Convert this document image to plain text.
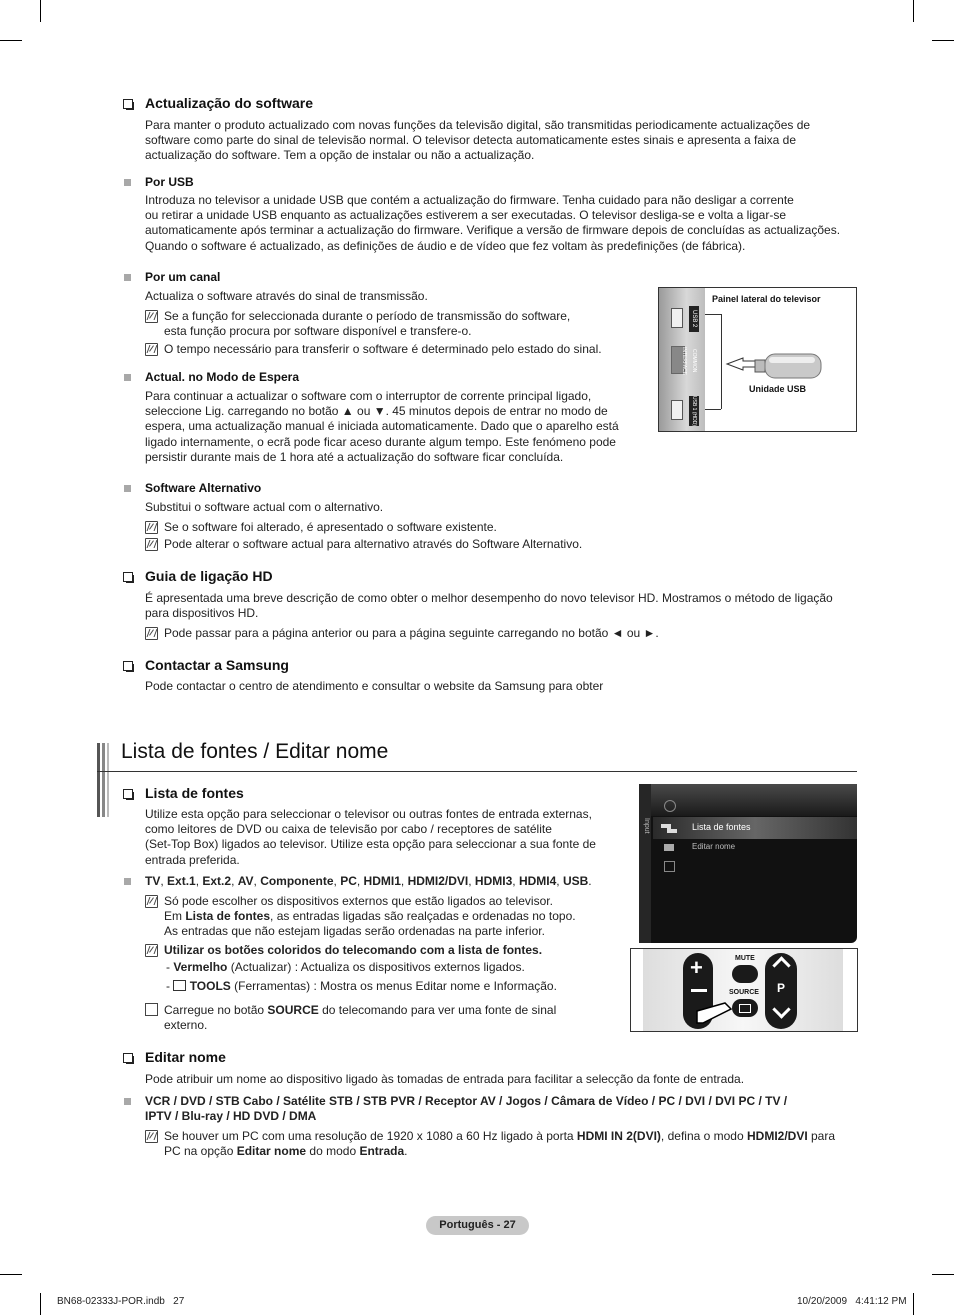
Actualização do software
Para manter o produto actualizado com novas funções da televisão digital, são transmitidas periodicamente actualizações de
software como parte do sinal de televisão normal. O televisor detecta automaticamente estes sinais e apresenta a faixa de
actualização do software. Tem a opção de instalar ou não a actualização.
Por USB
Introduza no televisor a unidade USB que contém a actualização do firmware. Tenha cuidado para não desligar a corrente
ou retirar a unidade USB enquanto as actualizações estiverem a ser executadas. O televisor desliga-se e volta a ligar-se
automaticamente após terminar a actualização do firmware. Verifique a versão de firmware depois de concluídas as actualizações.
Quando o software é actualizado, as definições de áudio e de vídeo que fez voltam às predefinições (de fábrica).
Por um canal
Actualiza o software através do sinal de transmissão.
Se a função for seleccionada durante o período de transmissão do software,
esta função procura por software disponível e transfere-o.
O tempo necessário para transferir o software é determinado pelo estado do sinal.
Actual. no Modo de Espera
Para continuar a actualizar o software com o interruptor de corrente principal ligado,
seleccione Lig. carregando no botão ▲ ou ▼. 45 minutos depois de entrar no modo de
espera, uma actualização manual é iniciada automaticamente. Dado que o aparelho está
ligado internamente, o ecrã pode ficar aceso durante algum tempo. Este fenómeno pode
persistir durante mais de 1 hora até a actualização do software ficar concluída.
USB 2
COMMON INTERFACE
USB 1 (HDD)
Painel lateral do televisor
Unidade USB
Software Alternativo
Substitui o software actual com o alternativo.
Se o software foi alterado, é apresentado o software existente.
Pode alterar o software actual para alternativo através do Software Alternativo.
Guia de ligação HD
É apresentada uma breve descrição de como obter o melhor desempenho do novo televisor HD. Mostramos o método de ligação
para dispositivos HD.
Pode passar para a página anterior ou para a página seguinte carregando no botão ◄ ou ►.
Contactar a Samsung
Pode contactar o centro de atendimento e consultar o website da Samsung para obter
Lista de fontes / Editar nome
Lista de fontes
Utilize esta opção para seleccionar o televisor ou outras fontes de entrada externas,
como leitores de DVD ou caixa de televisão por cabo / receptores de satélite
(Set-Top Box) ligados ao televisor. Utilize esta opção para seleccionar a sua fonte de
entrada preferida.
TV, Ext.1, Ext.2, AV, Componente, PC, HDMI1, HDMI2/DVI, HDMI3, HDMI4, USB.
Só pode escolher os dispositivos externos que estão ligados ao televisor.
Em Lista de fontes, as entradas ligadas são realçadas e ordenadas no topo.
As entradas que não estejam ligadas serão ordenadas na parte inferior.
Utilizar os botões coloridos do telecomando com a lista de fontes.
- Vermelho (Actualizar) : Actualiza os dispositivos externos ligados.
-  TOOLS (Ferramentas) : Mostra os menus Editar nome e Informação.
Carregue no botão SOURCE do telecomando para ver uma fonte de sinal
externo.
Input	Lista de fontes
Editar nome
+
P
MUTE
SOURCE
Editar nome
Pode atribuir um nome ao dispositivo ligado às tomadas de entrada para facilitar a selecção da fonte de entrada.
VCR / DVD / STB Cabo / Satélite STB / STB PVR / Receptor AV / Jogos / Câmara de Vídeo / PC / DVI / DVI PC / TV /
IPTV / Blu-ray / HD DVD / DMA
Se houver um PC com uma resolução de 1920 x 1080 a 60 Hz ligado à porta HDMI IN 2(DVI), defina o modo HDMI2/DVI para
PC na opção Editar nome do modo Entrada.
Português - 27
BN68-02333J-POR.indb   27	10/20/2009   4:41:12 PM
